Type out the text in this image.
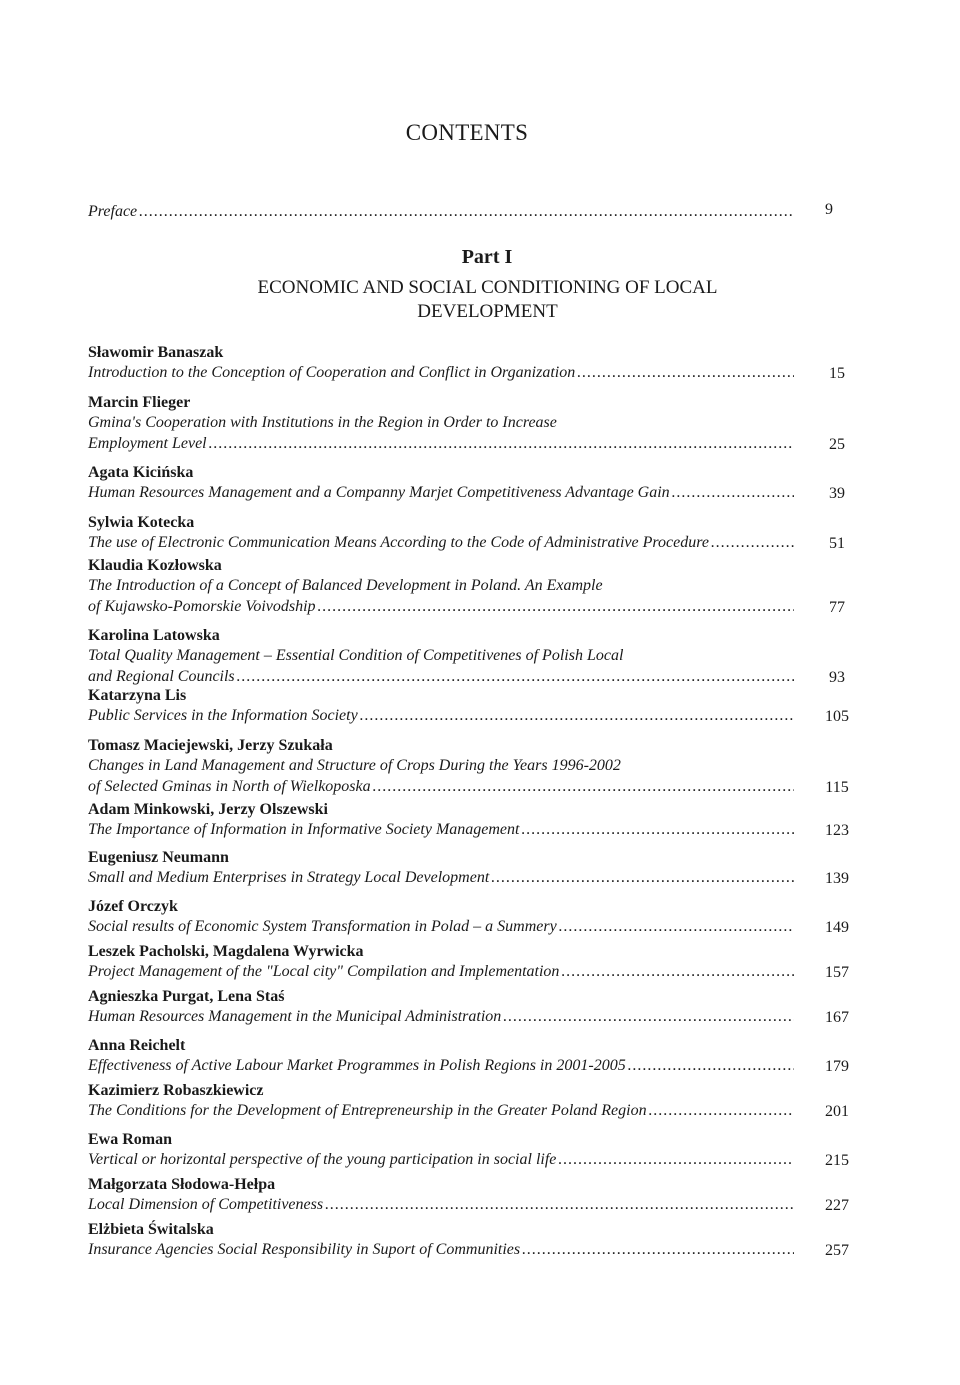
CONTENTS
Preface .....	9
Part I
ECONOMIC AND SOCIAL CONDITIONING OF LOCAL DEVELOPMENT
Sławomir Banaszak
Introduction to the Conception of Cooperation and Conflict in Organization .....	15
Marcin Flieger
Gmina's Cooperation with Institutions in the Region in Order to Increase
Employment Level .....	25
Agata Kicińska
Human Resources Management and a Companny Marjet Competitiveness Advantage Gain .....	39
Sylwia Kotecka
The use of Electronic Communication Means According to the Code of Administrative Procedure .....	51
Klaudia Kozłowska
The Introduction of a Concept of Balanced Development in Poland. An Example
of Kujawsko-Pomorskie Voivodship .....	77
Karolina Latowska
Total Quality Management – Essential Condition of Competitivenes of Polish Local
and Regional Councils .....	93
Katarzyna Lis
Public Services in the Information Society .....	105
Tomasz Maciejewski, Jerzy Szukała
Changes in Land Management and Structure of Crops During the Years 1996-2002
of Selected Gminas in North of Wielkoposka .....	115
Adam Minkowski, Jerzy Olszewski
The Importance of Information in Informative Society Management .....	123
Eugeniusz Neumann
Small and Medium Enterprises in Strategy Local Development .....	139
Józef Orczyk
Social results of Economic System Transformation in Polad – a Summery .....	149
Leszek Pacholski, Magdalena Wyrwicka
Project Management of the "Local city" Compilation and Implementation .....	157
Agnieszka Purgat, Lena Staś
Human Resources Management in the Municipal Administration .....	167
Anna Reichelt
Effectiveness of Active Labour Market Programmes in Polish Regions in 2001-2005 .....	179
Kazimierz Robaszkiewicz
The Conditions for the Development of Entrepreneurship in the Greater Poland Region .....	201
Ewa Roman
Vertical or horizontal perspective of the young participation in social life .....	215
Małgorzata Słodowa-Hełpa
Local Dimension of Competitiveness .....	227
Elżbieta Świtalska
Insurance Agencies Social Responsibility in Suport of Communities .....	257
